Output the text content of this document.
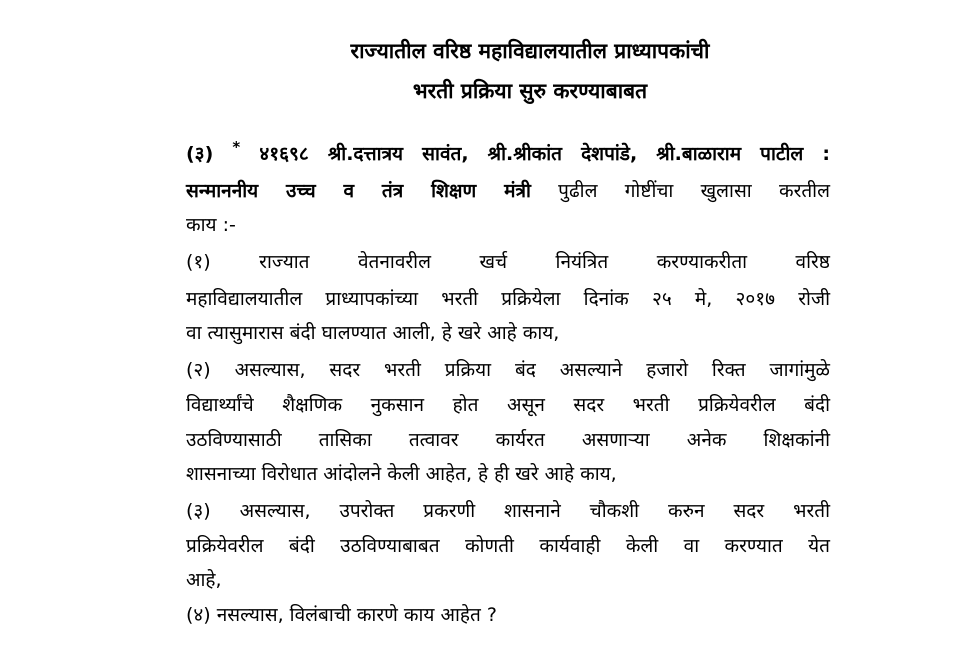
राज्यातील वरिष्ठ महाविद्यालयातील प्राध्यापकांची
भरती प्रक्रिया सुरु करण्याबाबत
(३) * ४१६९८ श्री.दत्तात्रय सावंत, श्री.श्रीकांत देशपांडे, श्री.बाळाराम पाटील :
सन्माननीय उच्च व तंत्र शिक्षण मंत्री पुढील गोष्टींचा खुलासा करतील
काय :-
(१) राज्यात वेतनावरील खर्च नियंत्रित करण्याकरीता वरिष्ठ
महाविद्यालयातील प्राध्यापकांच्या भरती प्रक्रियेला दिनांक २५ मे, २०१७ रोजी
वा त्यासुमारास बंदी घालण्यात आली, हे खरे आहे काय,
(२) असल्यास, सदर भरती प्रक्रिया बंद असल्याने हजारो रिक्त जागांमुळे
विद्यार्थ्यांचे शैक्षणिक नुकसान होत असून सदर भरती प्रक्रियेवरील बंदी
उठविण्यासाठी तासिका तत्वावर कार्यरत असणाऱ्या अनेक शिक्षकांनी
शासनाच्या विरोधात आंदोलने केली आहेत, हे ही खरे आहे काय,
(३) असल्यास, उपरोक्त प्रकरणी शासनाने चौकशी करुन सदर भरती
प्रक्रियेवरील बंदी उठविण्याबाबत कोणती कार्यवाही केली वा करण्यात येत
आहे,
(४) नसल्यास, विलंबाची कारणे काय आहेत ?
